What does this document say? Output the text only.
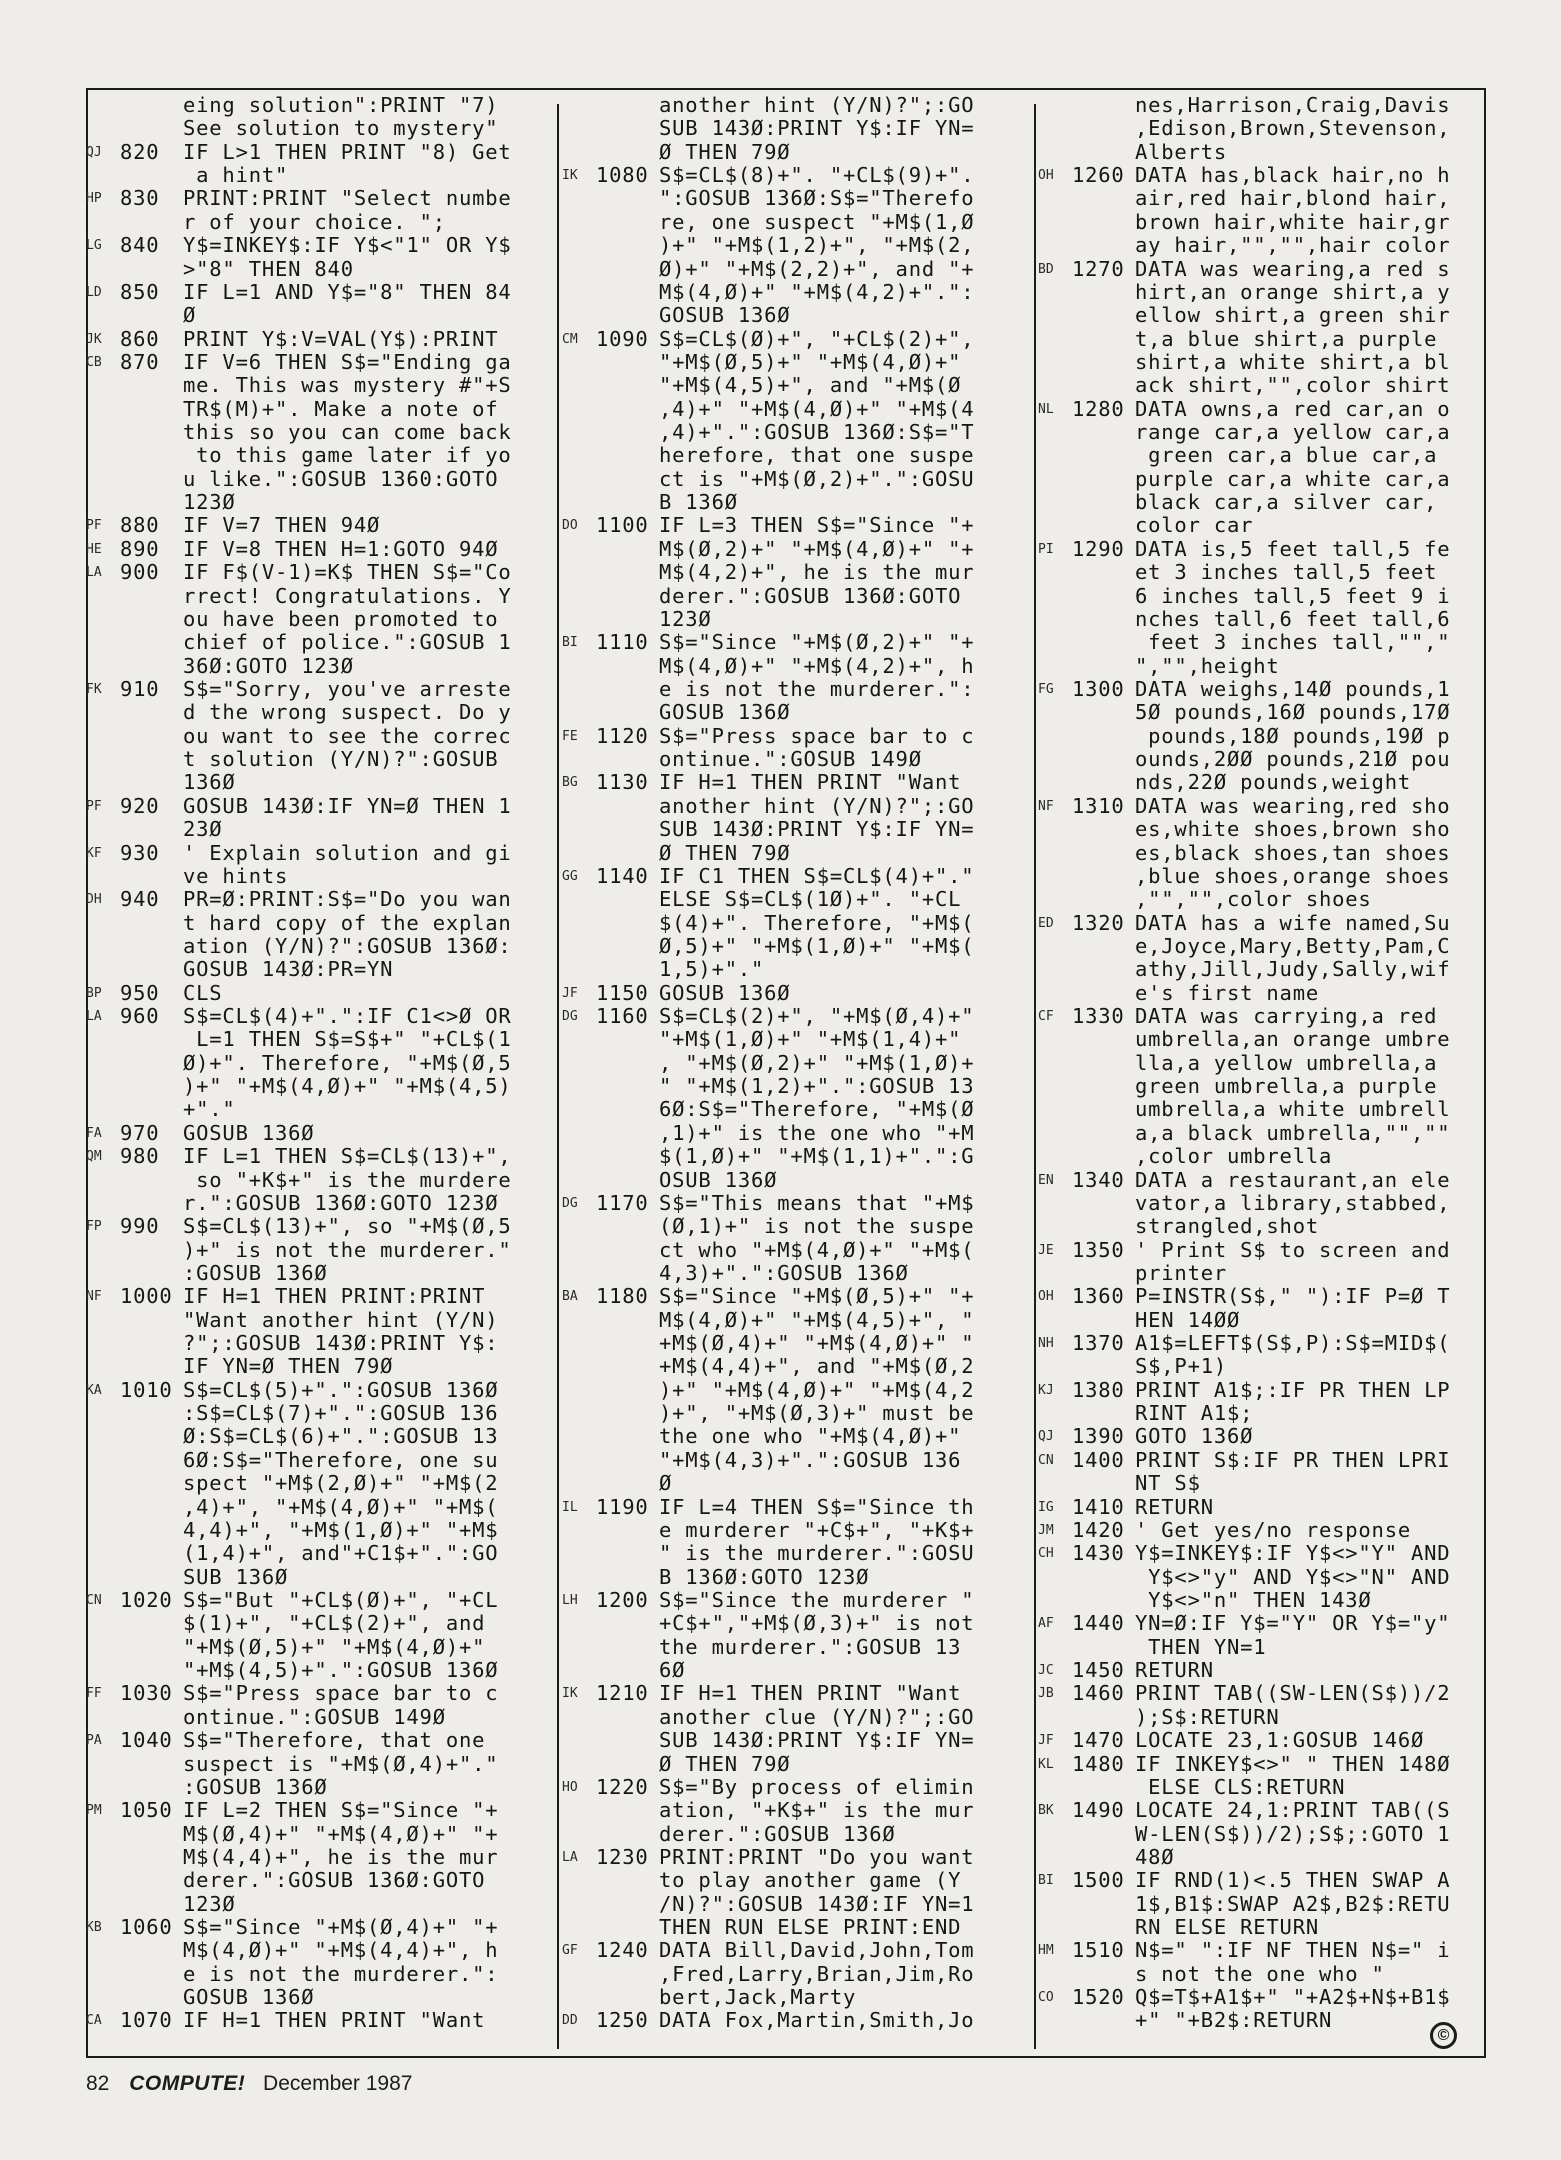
eing solution":PRINT "7)
See solution to mystery"
QJ 820 IF L>1 THEN PRINT "8) Get
a hint"
HP 830 PRINT:PRINT "Select numbe
r of your choice. ";
LG 840 Y$=INKEY$:IF Y$<"1" OR Y$
>"8" THEN 840
LD 850 IF L=1 AND Y$="8" THEN 84
Ø
JK 860 PRINT Y$:V=VAL(Y$):PRINT
CB 870 IF V=6 THEN S$="Ending ga
me. This was mystery #"+S
TR$(M)+". Make a note of
this so you can come back
to this game later if yo
u like.":GOSUB 1360:GOTO
123Ø
PF 880 IF V=7 THEN 94Ø
HE 890 IF V=8 THEN H=1:GOTO 94Ø
LA 900 IF F$(V-1)=K$ THEN S$="Co
rrect! Congratulations. Y
ou have been promoted to
chief of police.":GOSUB 1
36Ø:GOTO 123Ø
FK 910 S$="Sorry, you've arreste
d the wrong suspect. Do y
ou want to see the correc
t solution (Y/N)?":GOSUB
136Ø
PF 920 GOSUB 143Ø:IF YN=Ø THEN 1
23Ø
KF 930 ' Explain solution and gi
ve hints
DH 940 PR=Ø:PRINT:S$="Do you wan
t hard copy of the explan
ation (Y/N)?":GOSUB 136Ø:
GOSUB 143Ø:PR=YN
BP 950 CLS
LA 960 S$=CL$(4)+".":IF C1<>Ø OR
L=1 THEN S$=S$+" "+CL$(1
Ø)+". Therefore, "+M$(Ø,5
)+" "+M$(4,Ø)+" "+M$(4,5)
+"."
FA 970 GOSUB 136Ø
QM 980 IF L=1 THEN S$=CL$(13)+",
so "+K$+" is the murdere
r.":GOSUB 136Ø:GOTO 123Ø
FP 990 S$=CL$(13)+", so "+M$(Ø,5
)+" is not the murderer."
:GOSUB 136Ø
NF 1000 IF H=1 THEN PRINT:PRINT
"Want another hint (Y/N)
?";:GOSUB 143Ø:PRINT Y$:
IF YN=Ø THEN 79Ø
KA 1010 S$=CL$(5)+".":GOSUB 136Ø
:S$=CL$(7)+".":GOSUB 136
Ø:S$=CL$(6)+".":GOSUB 13
6Ø:S$="Therefore, one su
spect "+M$(2,Ø)+" "+M$(2
,4)+", "+M$(4,Ø)+" "+M$(
4,4)+", "+M$(1,Ø)+" "+M$
(1,4)+", and"+C1$+".":GO
SUB 136Ø
CN 1020 S$="But "+CL$(Ø)+", "+CL
$(1)+", "+CL$(2)+", and
"+M$(Ø,5)+" "+M$(4,Ø)+"
"+M$(4,5)+".":GOSUB 136Ø
FF 1030 S$="Press space bar to c
ontinue.":GOSUB 149Ø
PA 1040 S$="Therefore, that one
suspect is "+M$(Ø,4)+"."
:GOSUB 136Ø
PM 1050 IF L=2 THEN S$="Since "+
M$(Ø,4)+" "+M$(4,Ø)+" "+
M$(4,4)+", he is the mur
derer.":GOSUB 136Ø:GOTO
123Ø
KB 1060 S$="Since "+M$(Ø,4)+" "+
M$(4,Ø)+" "+M$(4,4)+", h
e is not the murderer.":
GOSUB 136Ø
CA 1070 IF H=1 THEN PRINT "Want
another hint (Y/N)?";:GO
SUB 143Ø:PRINT Y$:IF YN=
Ø THEN 79Ø
IK 1080 S$=CL$(8)+". "+CL$(9)+".
":GOSUB 136Ø:S$="Therefo
re, one suspect "+M$(1,Ø
)+" "+M$(1,2)+", "+M$(2,
Ø)+" "+M$(2,2)+", and "+
M$(4,Ø)+" "+M$(4,2)+".":
GOSUB 136Ø
CM 1090 S$=CL$(Ø)+", "+CL$(2)+",
"+M$(Ø,5)+" "+M$(4,Ø)+"
"+M$(4,5)+", and "+M$(Ø
,4)+" "+M$(4,Ø)+" "+M$(4
,4)+".":GOSUB 136Ø:S$="T
herefore, that one suspe
ct is "+M$(Ø,2)+".":GOSU
B 136Ø
DO 1100 IF L=3 THEN S$="Since "+
M$(Ø,2)+" "+M$(4,Ø)+" "+
M$(4,2)+", he is the mur
derer.":GOSUB 136Ø:GOTO
123Ø
BI 1110 S$="Since "+M$(Ø,2)+" "+
M$(4,Ø)+" "+M$(4,2)+", h
e is not the murderer.":
GOSUB 136Ø
FE 1120 S$="Press space bar to c
ontinue.":GOSUB 149Ø
BG 1130 IF H=1 THEN PRINT "Want
another hint (Y/N)?";:GO
SUB 143Ø:PRINT Y$:IF YN=
Ø THEN 79Ø
GG 1140 IF C1 THEN S$=CL$(4)+"."
ELSE S$=CL$(1Ø)+". "+CL
$(4)+". Therefore, "+M$(
Ø,5)+" "+M$(1,Ø)+" "+M$(
1,5)+"."
JF 1150 GOSUB 136Ø
DG 1160 S$=CL$(2)+", "+M$(Ø,4)+"
"+M$(1,Ø)+" "+M$(1,4)+"
, "+M$(Ø,2)+" "+M$(1,Ø)+
" "+M$(1,2)+".":GOSUB 13
6Ø:S$="Therefore, "+M$(Ø
,1)+" is the one who "+M
$(1,Ø)+" "+M$(1,1)+".":G
OSUB 136Ø
DG 1170 S$="This means that "+M$
(Ø,1)+" is not the suspe
ct who "+M$(4,Ø)+" "+M$(
4,3)+".":GOSUB 136Ø
BA 1180 S$="Since "+M$(Ø,5)+" "+
M$(4,Ø)+" "+M$(4,5)+", "
+M$(Ø,4)+" "+M$(4,Ø)+" "
+M$(4,4)+", and "+M$(Ø,2
)+" "+M$(4,Ø)+" "+M$(4,2
)+", "+M$(Ø,3)+" must be
the one who "+M$(4,Ø)+"
"+M$(4,3)+".":GOSUB 136
Ø
IL 1190 IF L=4 THEN S$="Since th
e murderer "+C$+", "+K$+
" is the murderer.":GOSU
B 136Ø:GOTO 123Ø
LH 1200 S$="Since the murderer "
+C$+","+M$(Ø,3)+" is not
the murderer.":GOSUB 13
6Ø
IK 1210 IF H=1 THEN PRINT "Want
another clue (Y/N)?";:GO
SUB 143Ø:PRINT Y$:IF YN=
Ø THEN 79Ø
HO 1220 S$="By process of elimin
ation, "+K$+" is the mur
derer.":GOSUB 136Ø
LA 1230 PRINT:PRINT "Do you want
to play another game (Y
/N)?":GOSUB 143Ø:IF YN=1
THEN RUN ELSE PRINT:END
GF 1240 DATA Bill,David,John,Tom
,Fred,Larry,Brian,Jim,Ro
bert,Jack,Marty
DD 1250 DATA Fox,Martin,Smith,Jo
nes,Harrison,Craig,Davis
,Edison,Brown,Stevenson,
Alberts
OH 1260 DATA has,black hair,no h
air,red hair,blond hair,
brown hair,white hair,gr
ay hair,"","",hair color
BD 1270 DATA was wearing,a red s
hirt,an orange shirt,a y
ellow shirt,a green shir
t,a blue shirt,a purple
shirt,a white shirt,a bl
ack shirt,"",color shirt
NL 1280 DATA owns,a red car,an o
range car,a yellow car,a
green car,a blue car,a
purple car,a white car,a
black car,a silver car,
color car
PI 1290 DATA is,5 feet tall,5 fe
et 3 inches tall,5 feet
6 inches tall,5 feet 9 i
nches tall,6 feet tall,6
feet 3 inches tall,"","
","",height
FG 1300 DATA weighs,14Ø pounds,1
5Ø pounds,16Ø pounds,17Ø
pounds,18Ø pounds,19Ø p
ounds,2ØØ pounds,21Ø pou
nds,22Ø pounds,weight
NF 1310 DATA was wearing,red sho
es,white shoes,brown sho
es,black shoes,tan shoes
,blue shoes,orange shoes
,"","",color shoes
ED 1320 DATA has a wife named,Su
e,Joyce,Mary,Betty,Pam,C
athy,Jill,Judy,Sally,wif
e's first name
CF 1330 DATA was carrying,a red
umbrella,an orange umbre
lla,a yellow umbrella,a
green umbrella,a purple
umbrella,a white umbrell
a,a black umbrella,"",""
,color umbrella
EN 1340 DATA a restaurant,an ele
vator,a library,stabbed,
strangled,shot
JE 1350 ' Print S$ to screen and
printer
OH 1360 P=INSTR(S$," "):IF P=Ø T
HEN 14ØØ
NH 1370 A1$=LEFT$(S$,P):S$=MID$(
S$,P+1)
KJ 1380 PRINT A1$;:IF PR THEN LP
RINT A1$;
QJ 1390 GOTO 136Ø
CN 1400 PRINT S$:IF PR THEN LPRI
NT S$
IG 1410 RETURN
JM 1420 ' Get yes/no response
CH 1430 Y$=INKEY$:IF Y$<>"Y" AND
Y$<>"y" AND Y$<>"N" AND
Y$<>"n" THEN 143Ø
AF 1440 YN=Ø:IF Y$="Y" OR Y$="y"
THEN YN=1
JC 1450 RETURN
JB 1460 PRINT TAB((SW-LEN(S$))/2
);S$:RETURN
JF 1470 LOCATE 23,1:GOSUB 146Ø
KL 1480 IF INKEY$<>" " THEN 148Ø
ELSE CLS:RETURN
BK 1490 LOCATE 24,1:PRINT TAB((S
W-LEN(S$))/2);S$;:GOTO 1
48Ø
BI 1500 IF RND(1)<.5 THEN SWAP A
1$,B1$:SWAP A2$,B2$:RETU
RN ELSE RETURN
HM 1510 N$=" ":IF NF THEN N$=" i
s not the one who "
CO 1520 Q$=T$+A1$+" "+A2$+N$+B1$
+" "+B2$:RETURN
©
82 COMPUTE! December 1987
